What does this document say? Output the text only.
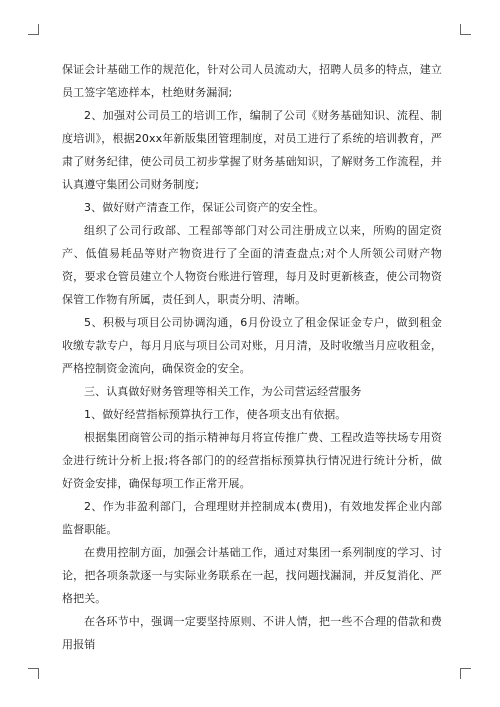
保证会计基础工作的规范化，针对公司人员流动大，招聘人员多的特点，建立员工签字笔迹样本，杜绝财务漏洞;

2、加强对公司员工的培训工作，编制了公司《财务基础知识、流程、制度培训》，根据20xx年新版集团管理制度，对员工进行了系统的培训教育，严肃了财务纪律，使公司员工初步掌握了财务基础知识，了解财务工作流程，并认真遵守集团公司财务制度;

3、做好财产清查工作，保证公司资产的安全性。

组织了公司行政部、工程部等部门对公司注册成立以来，所购的固定资产、低值易耗品等财产物资进行了全面的清查盘点;对个人所领公司财产物资，要求仓管员建立个人物资台账进行管理，每月及时更新核查，使公司物资保管工作物有所属，责任到人，职责分明、清晰。

5、积极与项目公司协调沟通，6月份设立了租金保证金专户，做到租金收缴专款专户，每月月底与项目公司对账，月月清，及时收缴当月应收租金，严格控制资金流向，确保资金的安全。

三、认真做好财务管理等相关工作，为公司营运经营服务

1、做好经营指标预算执行工作，使各项支出有依据。

根据集团商管公司的指示精神每月将宣传推广费、工程改造等扶场专用资金进行统计分析上报;将各部门的的经营指标预算执行情况进行统计分析，做好资金安排，确保每项工作正常开展。

2、作为非盈利部门，合理理财并控制成本(费用)，有效地发挥企业内部监督职能。

在费用控制方面，加强会计基础工作，通过对集团一系列制度的学习、讨论，把各项条款逐一与实际业务联系在一起，找问题找漏洞，并反复消化、严格把关。

在各环节中，强调一定要坚持原则、不讲人情，把一些不合理的借款和费用报销
